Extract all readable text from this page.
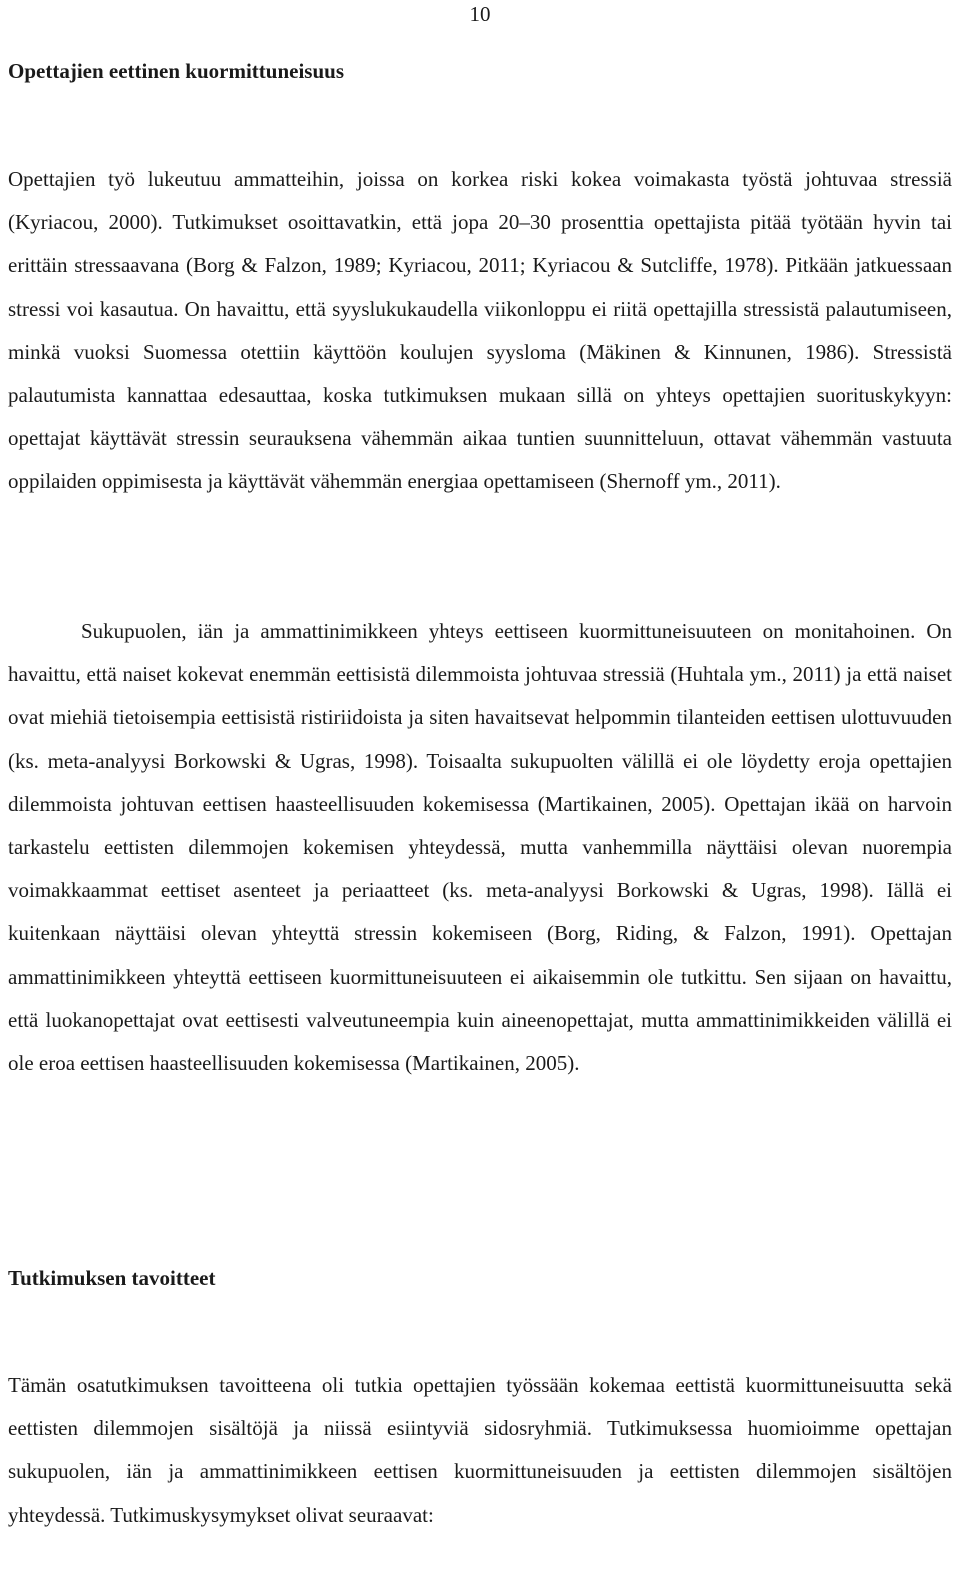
10
Opettajien eettinen kuormittuneisuus

Opettajien työ lukeutuu ammatteihin, joissa on korkea riski kokea voimakasta työstä johtuvaa stressiä (Kyriacou, 2000). Tutkimukset osoittavatkin, että jopa 20–30 prosenttia opettajista pitää työtään hyvin tai erittäin stressaavana (Borg & Falzon, 1989; Kyriacou, 2011; Kyriacou & Sutcliffe, 1978). Pitkään jatkuessaan stressi voi kasautua. On havaittu, että syyslukukaudella viikonloppu ei riitä opettajilla stressistä palautumiseen, minkä vuoksi Suomessa otettiin käyttöön koulujen syysloma (Mäkinen & Kinnunen, 1986). Stressistä palautumista kannattaa edesauttaa, koska tutkimuksen mukaan sillä on yhteys opettajien suorituskykyyn: opettajat käyttävät stressin seurauksena vähemmän aikaa tuntien suunnitteluun, ottavat vähemmän vastuuta oppilaiden oppimisesta ja käyttävät vähemmän energiaa opettamiseen (Shernoff ym., 2011).

Sukupuolen, iän ja ammattinimikkeen yhteys eettiseen kuormittuneisuuteen on monitahoinen. On havaittu, että naiset kokevat enemmän eettisistä dilemmoista johtuvaa stressiä (Huhtala ym., 2011) ja että naiset ovat miehiä tietoisempia eettisistä ristiriidoista ja siten havaitsevat helpommin tilanteiden eettisen ulottuvuuden (ks. meta-analyysi Borkowski & Ugras, 1998). Toisaalta sukupuolten välillä ei ole löydetty eroja opettajien dilemmoista johtuvan eettisen haasteellisuuden kokemisessa (Martikainen, 2005). Opettajan ikää on harvoin tarkastelu eettisten dilemmojen kokemisen yhteydessä, mutta vanhemmilla näyttäisi olevan nuorempia voimakkaammat eettiset asenteet ja periaatteet (ks. meta-analyysi Borkowski & Ugras, 1998). Iällä ei kuitenkaan näyttäisi olevan yhteyttä stressin kokemiseen (Borg, Riding, & Falzon, 1991). Opettajan ammattinimikkeen yhteyttä eettiseen kuormittuneisuuteen ei aikaisemmin ole tutkittu. Sen sijaan on havaittu, että luokanopettajat ovat eettisesti valveutuneempia kuin aineenopettajat, mutta ammattinimikkeiden välillä ei ole eroa eettisen haasteellisuuden kokemisessa (Martikainen, 2005).

Tutkimuksen tavoitteet

Tämän osatutkimuksen tavoitteena oli tutkia opettajien työssään kokemaa eettistä kuormittuneisuutta sekä eettisten dilemmojen sisältöjä ja niissä esiintyviä sidosryhmiä. Tutkimuksessa huomioimme opettajan sukupuolen, iän ja ammattinimikkeen eettisen kuormittuneisuuden ja eettisten dilemmojen sisältöjen yhteydessä. Tutkimuskysymykset olivat seuraavat:
